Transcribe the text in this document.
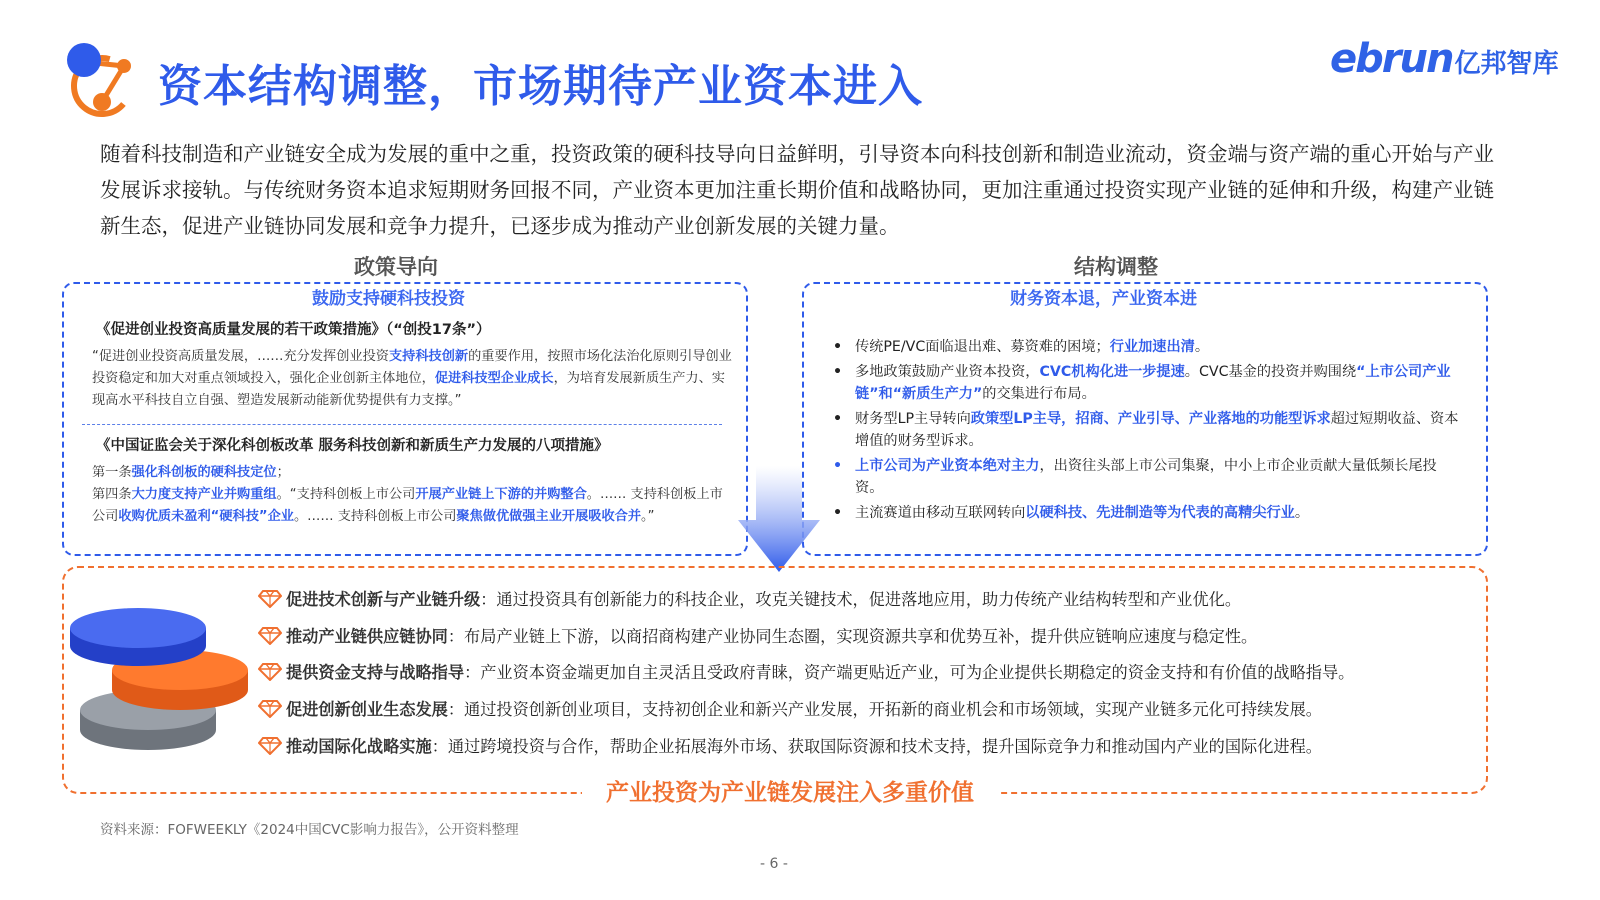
资本结构调整，市场期待产业资本进入
ebrun亿邦智库
随着科技制造和产业链安全成为发展的重中之重，投资政策的硬科技导向日益鲜明，引导资本向科技创新和制造业流动，资金端与资产端的重心开始与产业发展诉求接轨。与传统财务资本追求短期财务回报不同，产业资本更加注重长期价值和战略协同，更加注重通过投资实现产业链的延伸和升级，构建产业链新生态，促进产业链协同发展和竞争力提升，已逐步成为推动产业创新发展的关键力量。
政策导向
鼓励支持硬科技投资
《促进创业投资高质量发展的若干政策措施》（“创投17条”）
“促进创业投资高质量发展，……充分发挥创业投资支持科技创新的重要作用，按照市场化法治化原则引导创业投资稳定和加大对重点领域投入，强化企业创新主体地位，促进科技型企业成长，为培育发展新质生产力、实现高水平科技自立自强、塑造发展新动能新优势提供有力支撑。”
《中国证监会关于深化科创板改革 服务科技创新和新质生产力发展的八项措施》
第一条强化科创板的硬科技定位；
第四条大力度支持产业并购重组。“支持科创板上市公司开展产业链上下游的并购整合。…… 支持科创板上市公司收购优质未盈利“硬科技”企业。…… 支持科创板上市公司聚焦做优做强主业开展吸收合并。”
结构调整
财务资本退，产业资本进
• 传统PE/VC面临退出难、募资难的困境；行业加速出清。
• 多地政策鼓励产业资本投资，CVC机构化进一步提速。CVC基金的投资并购围绕“上市公司产业链”和“新质生产力”的交集进行布局。
• 财务型LP主导转向政策型LP主导，招商、产业引导、产业落地的功能型诉求超过短期收益、资本增值的财务型诉求。
• 上市公司为产业资本绝对主力，出资往头部上市公司集聚，中小上市企业贡献大量低频长尾投资。
• 主流赛道由移动互联网转向以硬科技、先进制造等为代表的高精尖行业。
促进技术创新与产业链升级：通过投资具有创新能力的科技企业，攻克关键技术，促进落地应用，助力传统产业结构转型和产业优化。
推动产业链供应链协同：布局产业链上下游，以商招商构建产业协同生态圈，实现资源共享和优势互补，提升供应链响应速度与稳定性。
提供资金支持与战略指导：产业资本资金端更加自主灵活且受政府青睐，资产端更贴近产业，可为企业提供长期稳定的资金支持和有价值的战略指导。
促进创新创业生态发展：通过投资创新创业项目，支持初创企业和新兴产业发展，开拓新的商业机会和市场领域，实现产业链多元化可持续发展。
推动国际化战略实施：通过跨境投资与合作，帮助企业拓展海外市场、获取国际资源和技术支持，提升国际竞争力和推动国内产业的国际化进程。
产业投资为产业链发展注入多重价值
资料来源：FOFWEEKLY《2024中国CVC影响力报告》，公开资料整理
- 6 -
